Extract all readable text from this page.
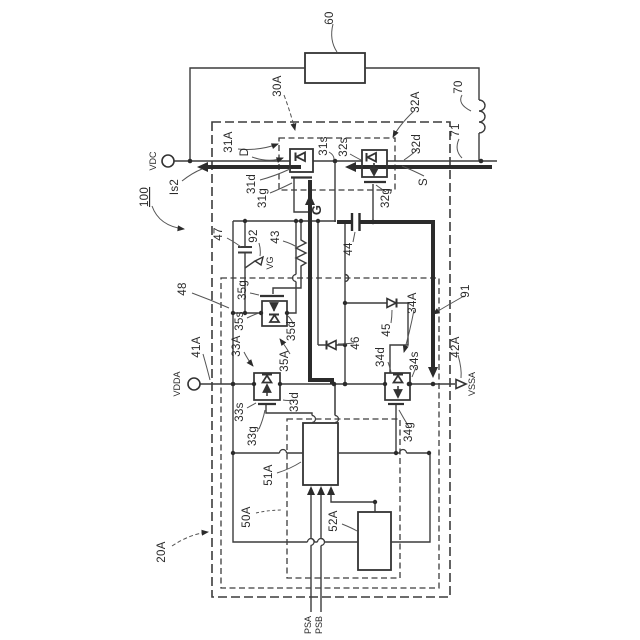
60
70
71
100
30A
31A D
31d
31g
31s 32s
32A
32d
32g
S
G
VDC
Is2
47 92 43
44
VG
48	35g
35s	35d
35A
33A
45
46
34A
34d 34s
91
41A
VDDA
42A
VSSA
33s
33g
33d
34g
51A
50A	52A
20A
PSA PSB
